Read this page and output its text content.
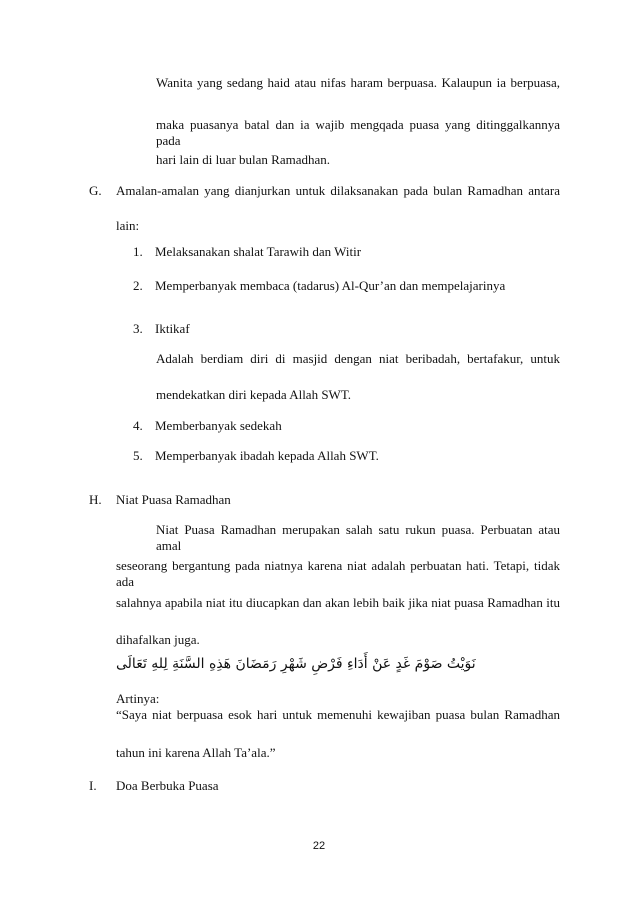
Wanita yang sedang haid atau nifas haram berpuasa. Kalaupun ia berpuasa,
maka puasanya batal dan ia wajib mengqada puasa yang ditinggalkannya pada
hari lain di luar bulan Ramadhan.
G. Amalan-amalan yang dianjurkan untuk dilaksanakan pada bulan Ramadhan antara
lain:
1. Melaksanakan shalat Tarawih dan Witir
2. Memperbanyak membaca (tadarus) Al-Qur’an dan mempelajarinya
3. Iktikaf
Adalah berdiam diri di masjid dengan niat beribadah, bertafakur, untuk
mendekatkan diri kepada Allah SWT.
4. Memberbanyak sedekah
5. Memperbanyak ibadah kepada Allah SWT.
H. Niat Puasa Ramadhan
Niat Puasa Ramadhan merupakan salah satu rukun puasa. Perbuatan atau amal
seseorang bergantung pada niatnya karena niat adalah perbuatan hati. Tetapi, tidak ada
salahnya apabila niat itu diucapkan dan akan lebih baik jika niat puasa Ramadhan itu
dihafalkan juga.
نَوَيْتُ صَوْمَ غَدٍ عَنْ أَدَاءِ فَرْضِ شَهْرِ رَمَضَانَ هَذِهِ السَّنَةِ لِلهِ تَعَالَى
Artinya:
“Saya niat berpuasa esok hari untuk memenuhi kewajiban puasa bulan Ramadhan
tahun ini karena Allah Ta’ala.”
I. Doa Berbuka Puasa
22
